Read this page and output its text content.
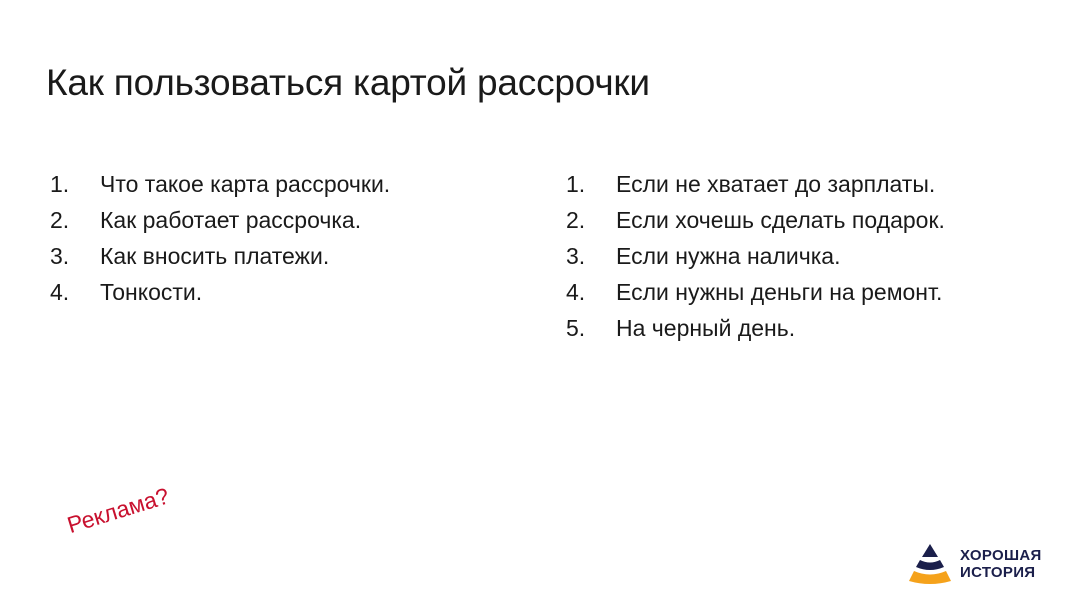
Как пользоваться картой рассрочки
1.	Что такое карта рассрочки.
2.	Как работает рассрочка.
3.	Как вносить платежи.
4.	Тонкости.
1.	Если не хватает до зарплаты.
2.	Если хочешь сделать подарок.
3.	Если нужна наличка.
4.	Если нужны деньги на ремонт.
5.	На черный день.
Реклама?
ХОРОШАЯ
ИСТОРИЯ
